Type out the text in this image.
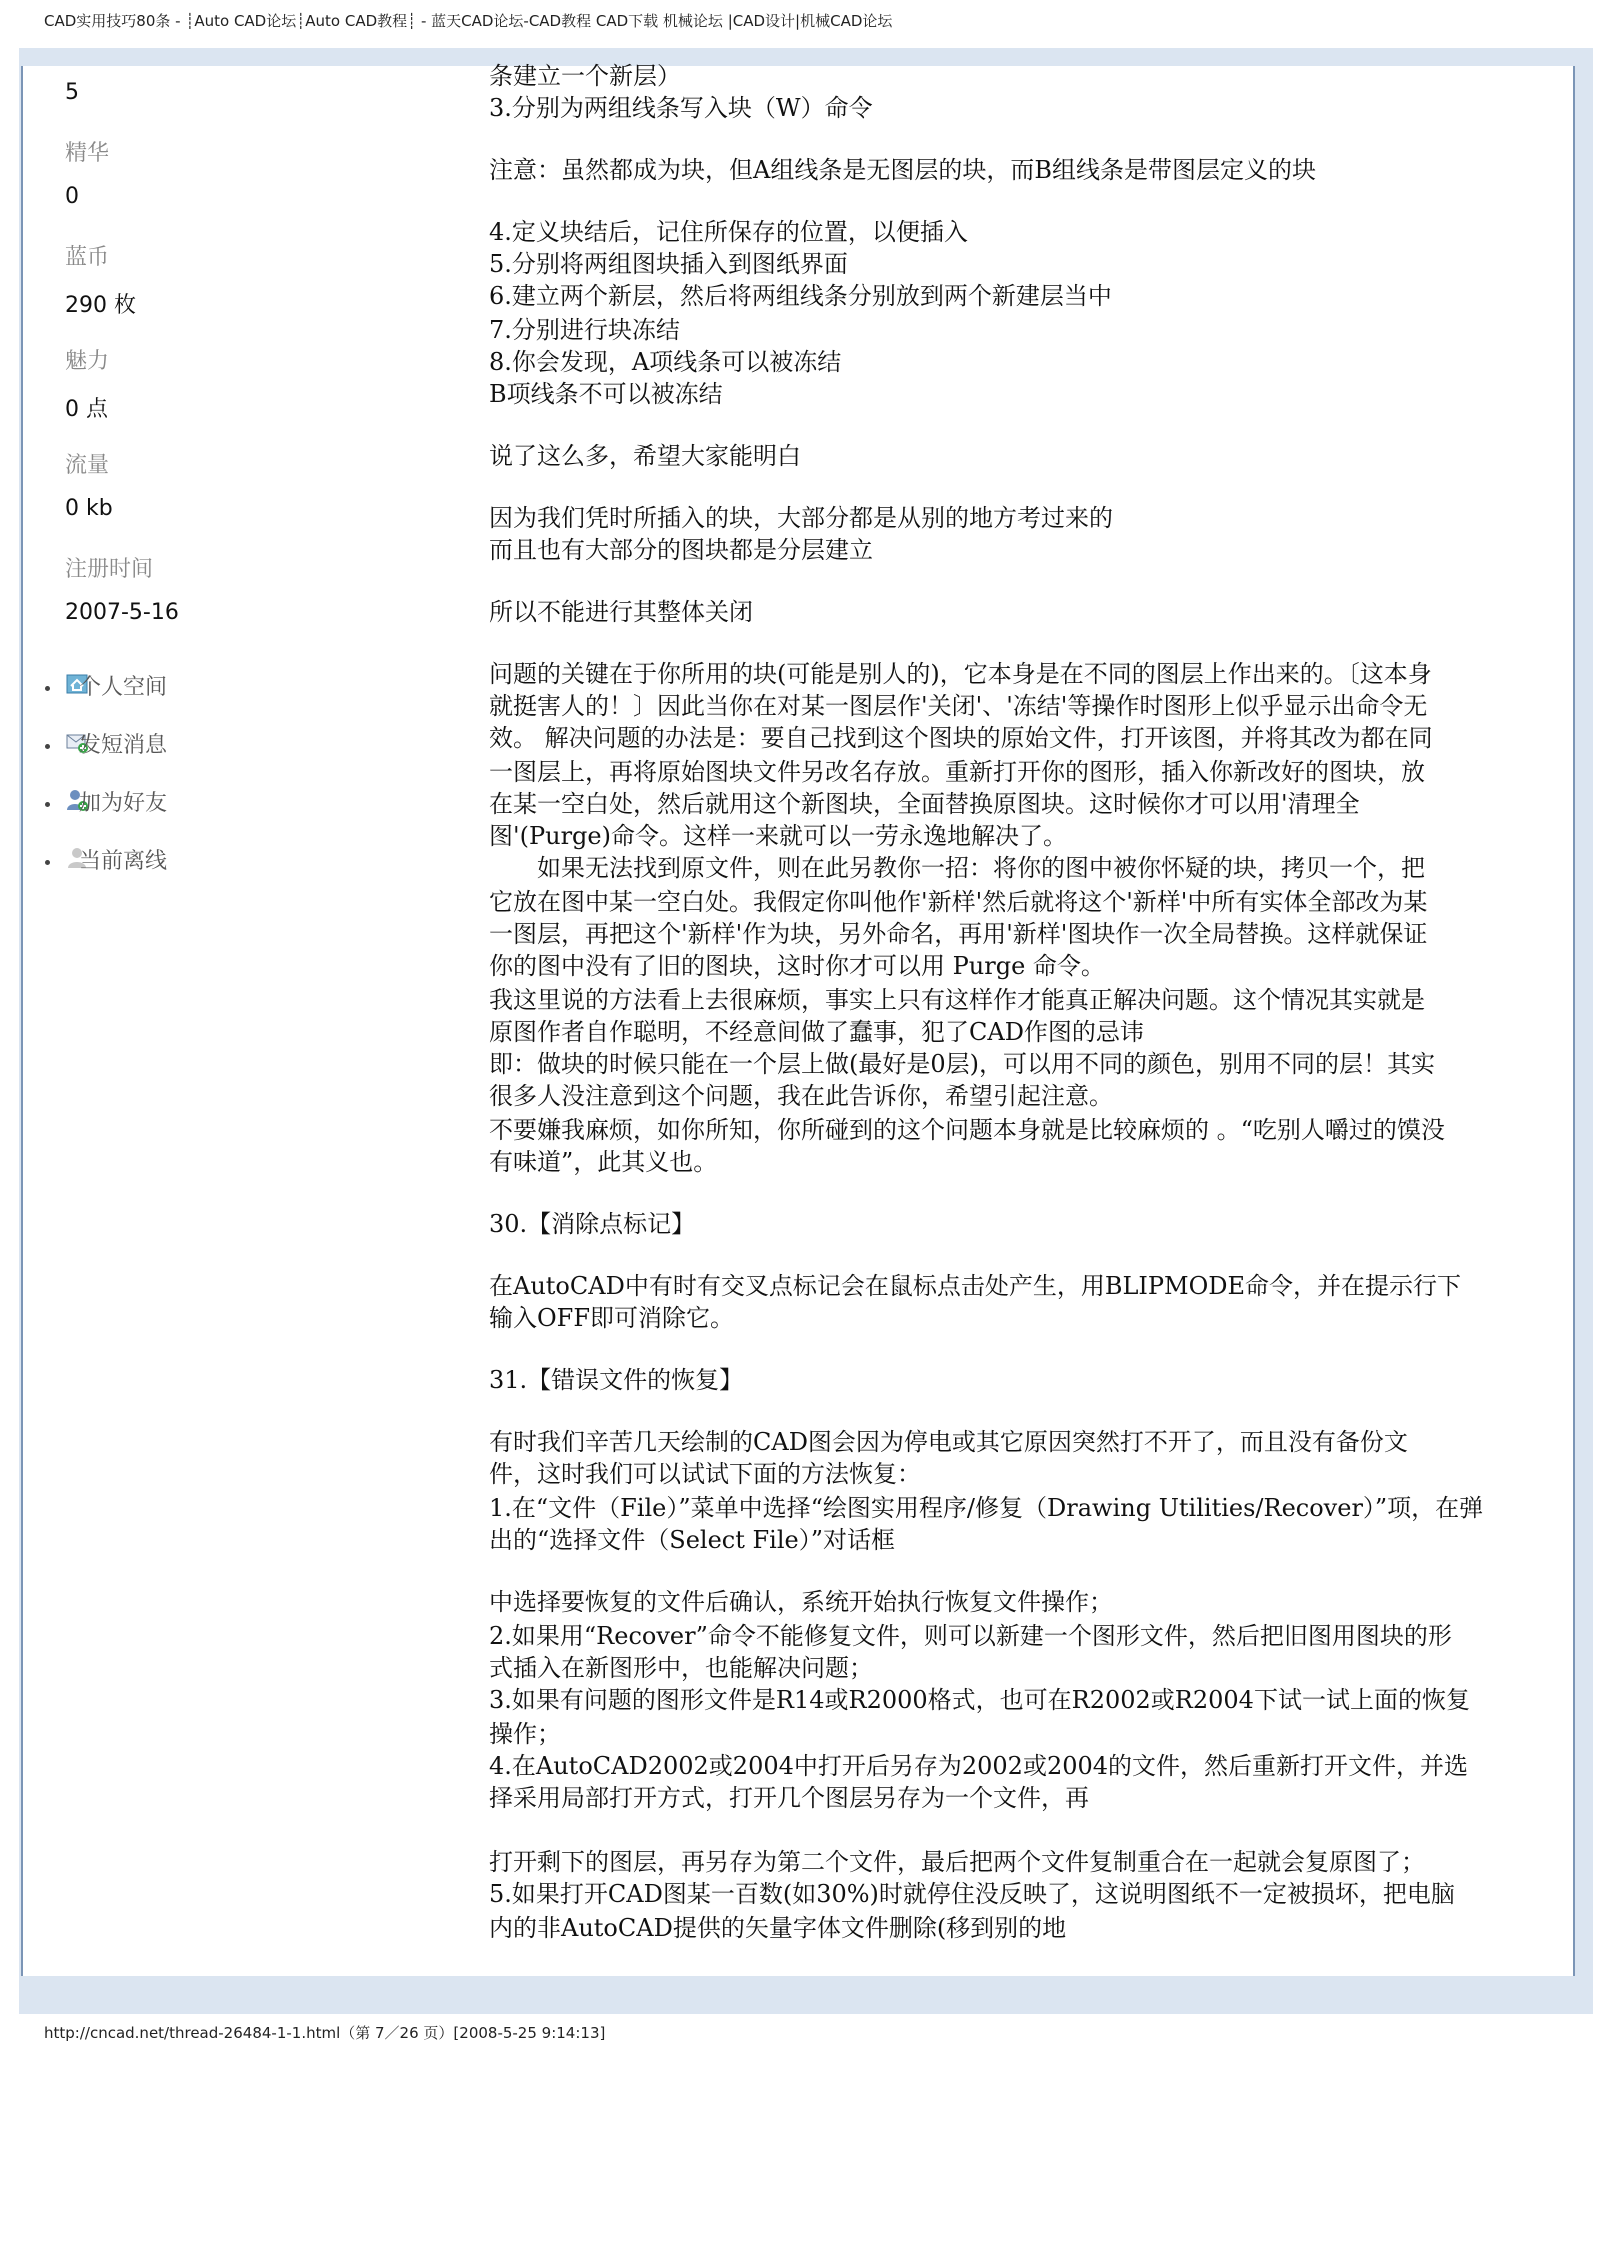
CAD实用技巧80条 - ┊Auto CAD论坛┊Auto CAD教程┊ - 蓝天CAD论坛-CAD教程 CAD下载 机械论坛 |CAD设计|机械CAD论坛
5
精华
0
蓝币
290 枚
魅力
0 点
流量
0 kb
注册时间
2007-5-16

个人空间

发短消息

加为好友

当前离线
条建立一个新层）
3.分别为两组线条写入块（W）命令
注意：虽然都成为块，但A组线条是无图层的块，而B组线条是带图层定义的块
4.定义块结后，记住所保存的位置，以便插入
5.分别将两组图块插入到图纸界面
6.建立两个新层，然后将两组线条分别放到两个新建层当中
7.分别进行块冻结
8.你会发现，A项线条可以被冻结
B项线条不可以被冻结
说了这么多，希望大家能明白
因为我们凭时所插入的块，大部分都是从别的地方考过来的
而且也有大部分的图块都是分层建立
所以不能进行其整体关闭
问题的关键在于你所用的块(可能是别人的)，它本身是在不同的图层上作出来的。〔这本身
就挺害人的！〕因此当你在对某一图层作'关闭'、'冻结'等操作时图形上似乎显示出命令无
效。 解决问题的办法是：要自己找到这个图块的原始文件，打开该图，并将其改为都在同
一图层上，再将原始图块文件另改名存放。重新打开你的图形，插入你新改好的图块，放
在某一空白处，然后就用这个新图块，全面替换原图块。这时候你才可以用'清理全
图'(Purge)命令。这样一来就可以一劳永逸地解决了。
　　如果无法找到原文件，则在此另教你一招：将你的图中被你怀疑的块，拷贝一个，把
它放在图中某一空白处。我假定你叫他作'新样'然后就将这个'新样'中所有实体全部改为某
一图层，再把这个'新样'作为块，另外命名，再用'新样'图块作一次全局替换。这样就保证
你的图中没有了旧的图块，这时你才可以用 Purge 命令。
我这里说的方法看上去很麻烦，事实上只有这样作才能真正解决问题。这个情况其实就是
原图作者自作聪明，不经意间做了蠢事，犯了CAD作图的忌讳
即：做块的时候只能在一个层上做(最好是0层)，可以用不同的颜色，别用不同的层！其实
很多人没注意到这个问题，我在此告诉你，希望引起注意。
不要嫌我麻烦，如你所知，你所碰到的这个问题本身就是比较麻烦的 。“吃别人嚼过的馍没
有味道”，此其义也。
30.【消除点标记】
在AutoCAD中有时有交叉点标记会在鼠标点击处产生，用BLIPMODE命令，并在提示行下
输入OFF即可消除它。
31.【错误文件的恢复】
有时我们辛苦几天绘制的CAD图会因为停电或其它原因突然打不开了，而且没有备份文
件，这时我们可以试试下面的方法恢复：
1.在“文件（File）”菜单中选择“绘图实用程序/修复（Drawing Utilities/Recover）”项，在弹
出的“选择文件（Select File）”对话框
中选择要恢复的文件后确认，系统开始执行恢复文件操作；
2.如果用“Recover”命令不能修复文件，则可以新建一个图形文件，然后把旧图用图块的形
式插入在新图形中，也能解决问题；
3.如果有问题的图形文件是R14或R2000格式，也可在R2002或R2004下试一试上面的恢复
操作；
4.在AutoCAD2002或2004中打开后另存为2002或2004的文件，然后重新打开文件，并选
择采用局部打开方式，打开几个图层另存为一个文件，再
打开剩下的图层，再另存为第二个文件，最后把两个文件复制重合在一起就会复原图了；
5.如果打开CAD图某一百数(如30%)时就停住没反映了，这说明图纸不一定被损坏，把电脑
内的非AutoCAD提供的矢量字体文件删除(移到别的地
http://cncad.net/thread-26484-1-1.html（第 7／26 页）[2008-5-25 9:14:13]
